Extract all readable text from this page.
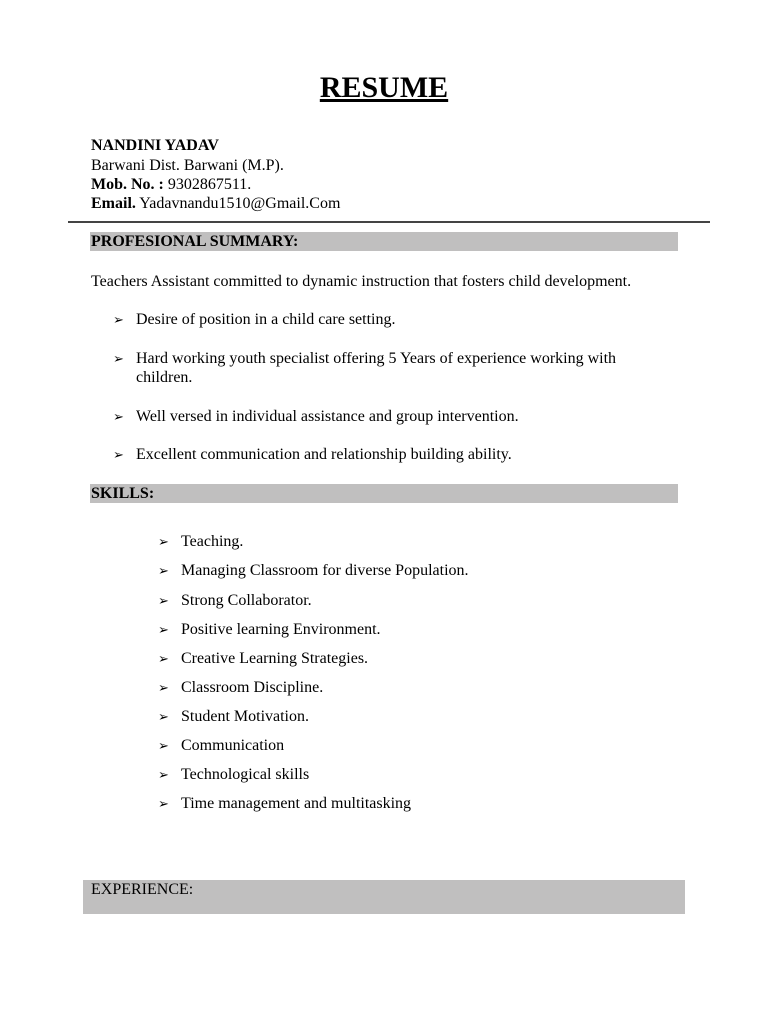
RESUME
NANDINI YADAV
Barwani Dist. Barwani (M.P).
Mob. No. : 9302867511.
Email. Yadavnandu1510@Gmail.Com
PROFESIONAL SUMMARY:
Teachers Assistant committed to dynamic instruction that fosters child development.
➢ Desire of position in a child care setting.
➢ Hard working youth specialist offering 5 Years of experience working with
children.
➢ Well versed in individual assistance and group intervention.
➢ Excellent communication and relationship building ability.
SKILLS:
➢ Teaching.
➢ Managing Classroom for diverse Population.
➢ Strong Collaborator.
➢ Positive learning Environment.
➢ Creative Learning Strategies.
➢ Classroom Discipline.
➢ Student Motivation.
➢ Communication
➢ Technological skills
➢ Time management and multitasking
EXPERIENCE:
